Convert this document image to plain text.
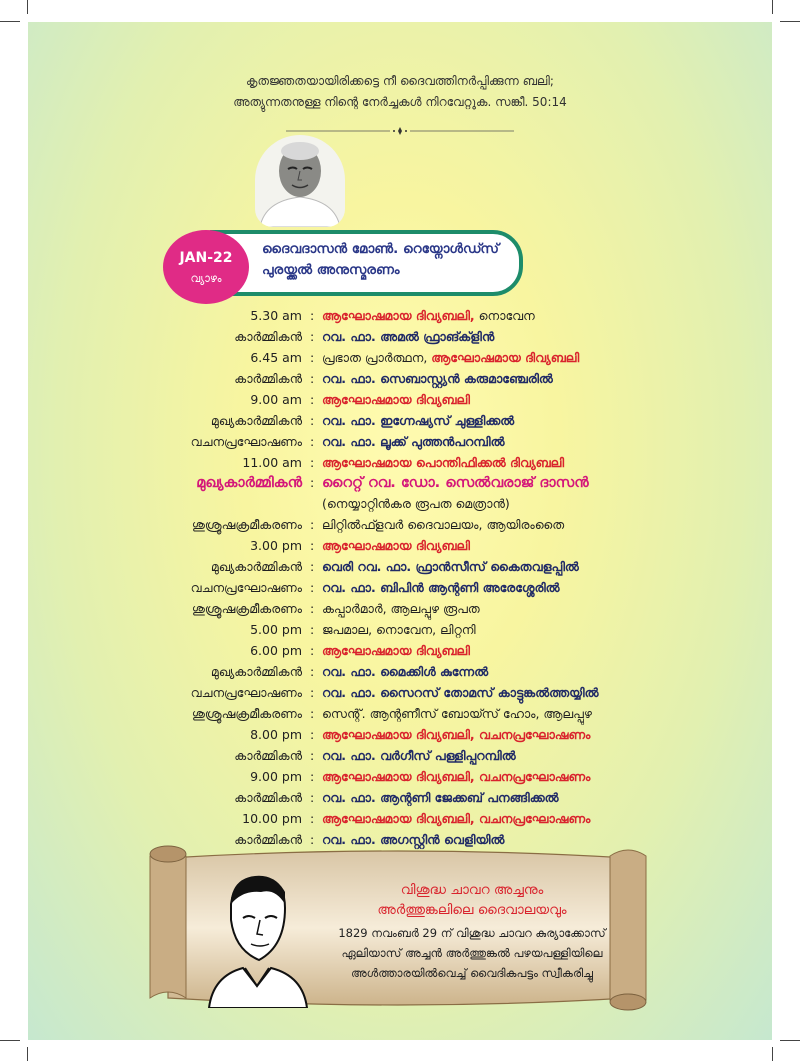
കൃതജ്ഞതയായിരിക്കട്ടെ നീ ദൈവത്തിനർപ്പിക്കുന്ന ബലി;
അത്യുന്നതനുള്ള നിന്റെ നേർച്ചകൾ നിറവേറ്റുക. സങ്കീ. 50:14
ദൈവദാസൻ മോൺ. റെയ്നോൾഡ്സ്
പുരയ്ക്കൽ അനുസ്മരണം
JAN-22
വ്യാഴം
5.30 am : ആഘോഷമായ ദിവ്യബലി, നൊവേന
കാർമ്മികൻ : റവ. ഫാ. അമൽ ഫ്രാങ്ക്ളിൻ
6.45 am : പ്രഭാത പ്രാർത്ഥന, ആഘോഷമായ ദിവ്യബലി
കാർമ്മികൻ : റവ. ഫാ. സെബാസ്റ്റ്യൻ കരുമാഞ്ചേരിൽ
9.00 am : ആഘോഷമായ ദിവ്യബലി
മുഖ്യകാർമ്മികൻ : റവ. ഫാ. ഇഗ്നേഷ്യസ് ചുള്ളിക്കൽ
വചനപ്രഘോഷണം : റവ. ഫാ. ലൂക്ക് പുത്തൻപറമ്പിൽ
11.00 am : ആഘോഷമായ പൊന്തിഫിക്കൽ ദിവ്യബലി
മുഖ്യകാർമ്മികൻ : റൈറ്റ് റവ. ഡോ. സെൽവരാജ് ദാസൻ
(നെയ്യാറ്റിൻകര രൂപത മെത്രാൻ)
ശുശ്രൂഷക്രമീകരണം : ലിറ്റിൽഫ്ളവർ ദൈവാലയം, ആയിരംതൈ
3.00 pm : ആഘോഷമായ ദിവ്യബലി
മുഖ്യകാർമ്മികൻ : വെരി റവ. ഫാ. ഫ്രാൻസീസ് കൈതവളപ്പിൽ
വചനപ്രഘോഷണം : റവ. ഫാ. ബിപിൻ ആന്റണി അരേശ്ശേരിൽ
ശുശ്രൂഷക്രമീകരണം : കപ്പാർമാർ, ആലപ്പുഴ രൂപത
5.00 pm : ജപമാല, നൊവേന, ലിറ്റനി
6.00 pm : ആഘോഷമായ ദിവ്യബലി
മുഖ്യകാർമ്മികൻ : റവ. ഫാ. മൈക്കിൾ കുന്നേൽ
വചനപ്രഘോഷണം : റവ. ഫാ. സൈറസ് തോമസ് കാട്ടുങ്കൽത്തയ്യിൽ
ശുശ്രൂഷക്രമീകരണം : സെന്റ്. ആന്റണീസ് ബോയ്സ് ഹോം, ആലപ്പുഴ
8.00 pm : ആഘോഷമായ ദിവ്യബലി, വചനപ്രഘോഷണം
കാർമ്മികൻ : റവ. ഫാ. വർഗീസ് പള്ളിപ്പറമ്പിൽ
9.00 pm : ആഘോഷമായ ദിവ്യബലി, വചനപ്രഘോഷണം
കാർമ്മികൻ : റവ. ഫാ. ആന്റണി ജേക്കബ് പനങ്ങിക്കൽ
10.00 pm : ആഘോഷമായ ദിവ്യബലി, വചനപ്രഘോഷണം
കാർമ്മികൻ : റവ. ഫാ. അഗസ്റ്റിൻ വെളിയിൽ
വിശുദ്ധ ചാവറ അച്ചനും
അർത്തുങ്കലിലെ ദൈവാലയവും
1829 നവംബർ 29 ന് വിശുദ്ധ ചാവറ കുര്യാക്കോസ്
ഏലിയാസ് അച്ചൻ അർത്തുങ്കൽ പഴയപള്ളിയിലെ
അൾത്താരയിൽവെച്ച് വൈദികപട്ടം സ്വീകരിച്ചു
